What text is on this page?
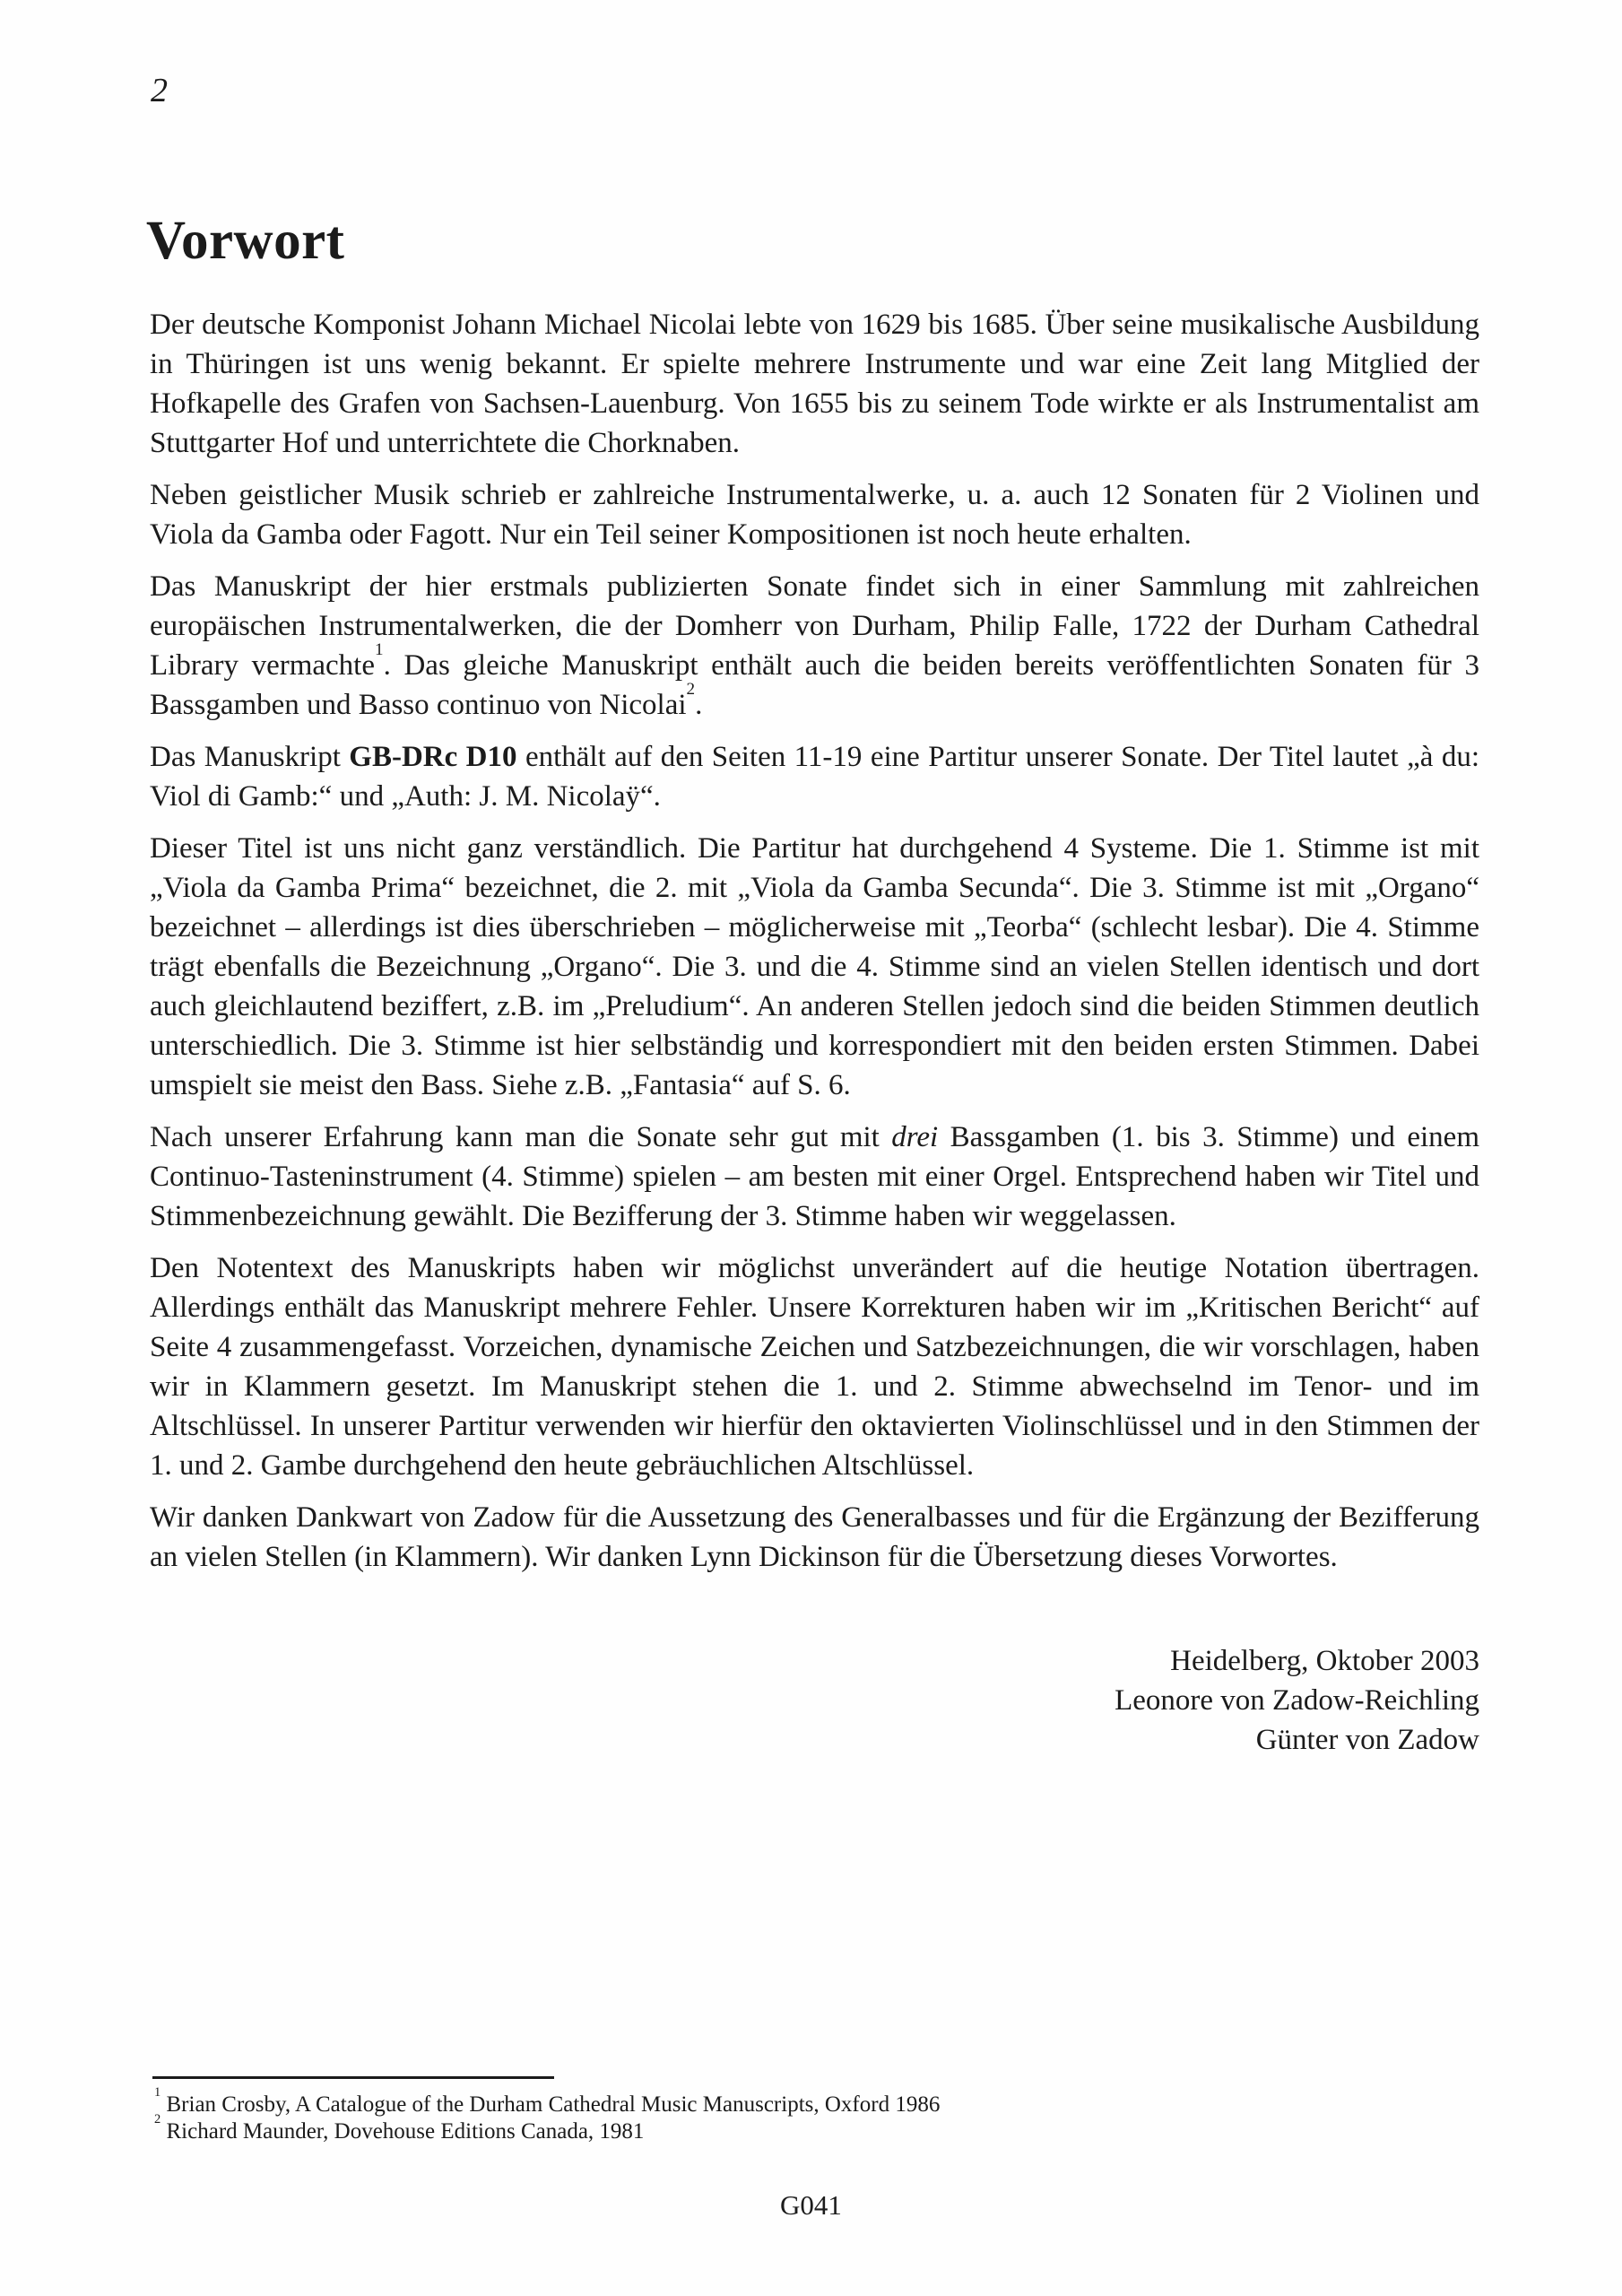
2
Vorwort

Der deutsche Komponist Johann Michael Nicolai lebte von 1629 bis 1685. Über seine musikalische Ausbildung in Thüringen ist uns wenig bekannt. Er spielte mehrere Instrumente und war eine Zeit lang Mitglied der Hofkapelle des Grafen von Sachsen-Lauenburg. Von 1655 bis zu seinem Tode wirkte er als Instrumentalist am Stuttgarter Hof und unterrichtete die Chorknaben.

Neben geistlicher Musik schrieb er zahlreiche Instrumentalwerke, u. a. auch 12 Sonaten für 2 Violinen und Viola da Gamba oder Fagott. Nur ein Teil seiner Kompositionen ist noch heute erhalten.

Das Manuskript der hier erstmals publizierten Sonate findet sich in einer Sammlung mit zahlreichen europäischen Instrumentalwerken, die der Domherr von Durham, Philip Falle, 1722 der Durham Cathedral Library vermachte$^1$. Das gleiche Manuskript enthält auch die beiden bereits veröffentlichten Sonaten für 3 Bassgamben und Basso continuo von Nicolai$^2$.

Das Manuskript GB-DRc D10 enthält auf den Seiten 11-19 eine Partitur unserer Sonate. Der Titel lautet „à du: Viol di Gamb:“ und „Auth: J. M. Nicolaÿ“.

Dieser Titel ist uns nicht ganz verständlich. Die Partitur hat durchgehend 4 Systeme. Die 1. Stimme ist mit „Viola da Gamba Prima“ bezeichnet, die 2. mit „Viola da Gamba Secunda“. Die 3. Stimme ist mit „Organo“ bezeichnet – allerdings ist dies überschrieben – möglicherweise mit „Teorba“ (schlecht lesbar). Die 4. Stimme trägt ebenfalls die Bezeichnung „Organo“. Die 3. und die 4. Stimme sind an vielen Stellen identisch und dort auch gleichlautend beziffert, z.B. im „Preludium“. An anderen Stellen jedoch sind die beiden Stimmen deutlich unterschiedlich. Die 3. Stimme ist hier selbständig und korrespondiert mit den beiden ersten Stimmen. Dabei umspielt sie meist den Bass. Siehe z.B. „Fantasia“ auf S. 6.

Nach unserer Erfahrung kann man die Sonate sehr gut mit drei Bassgamben (1. bis 3. Stimme) und einem Continuo-Tasteninstrument (4. Stimme) spielen – am besten mit einer Orgel. Entsprechend haben wir Titel und Stimmenbezeichnung gewählt. Die Bezifferung der 3. Stimme haben wir weggelassen.

Den Notentext des Manuskripts haben wir möglichst unverändert auf die heutige Notation übertragen. Allerdings enthält das Manuskript mehrere Fehler. Unsere Korrekturen haben wir im „Kritischen Bericht“ auf Seite 4 zusammengefasst. Vorzeichen, dynamische Zeichen und Satzbezeichnungen, die wir vorschlagen, haben wir in Klammern gesetzt. Im Manuskript stehen die 1. und 2. Stimme abwechselnd im Tenor- und im Altschlüssel. In unserer Partitur verwenden wir hierfür den oktavierten Violinschlüssel und in den Stimmen der 1. und 2. Gambe durchgehend den heute gebräuchlichen Altschlüssel.

Wir danken Dankwart von Zadow für die Aussetzung des Generalbasses und für die Ergänzung der Bezifferung an vielen Stellen (in Klammern). Wir danken Lynn Dickinson für die Übersetzung dieses Vorwortes.

Heidelberg, Oktober 2003
Leonore von Zadow-Reichling
Günter von Zadow
$^1$ Brian Crosby, A Catalogue of the Durham Cathedral Music Manuscripts, Oxford 1986
$^2$ Richard Maunder, Dovehouse Editions Canada, 1981
G041
